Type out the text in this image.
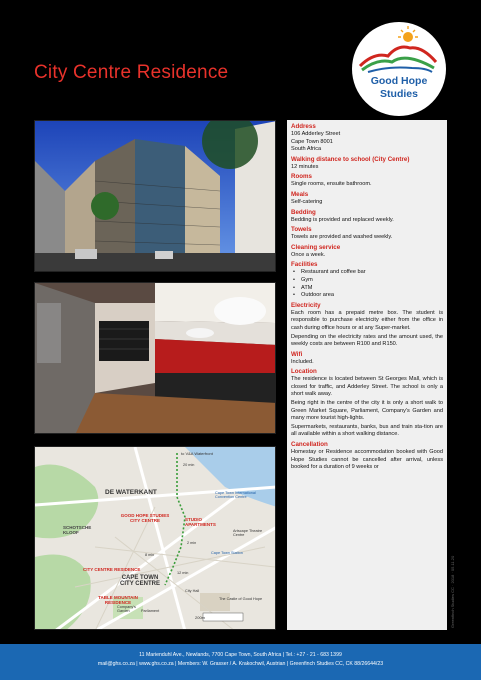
City Centre Residence	Good Hope
Studies
DE WATERKANT
SCHOTSCHE KLOOF
GOOD HOPE STUDIES CITY CENTRE	STUDIO APARTMENTS
CITY CENTRE RESIDENCE
CAPE TOWN CITY CENTRE
TABLE MOUNTAIN RESIDENCE
to V&A Waterfront
Cape Town International Convention Centre
Artscape Theatre Centre
Cape Town Station
City Hall
The Castle of Good Hope
Company's Garden	Parliament
200m
20 min
8 min
12 min
2 min
Address
106 Adderley Street
Cape Town 8001
South Africa
Walking distance to school (City Centre)
12 minutes
Rooms
Single rooms, ensuite bathroom.
Meals
Self-catering
Bedding
Bedding is provided and replaced weekly.
Towels
Towels are provided and washed weekly.
Cleaning service
Once a week.
Facilities
• Restaurant and coffee bar
• Gym
• ATM
• Outdoor area
Electricity
Each room has a prepaid metre box. The student is responsible to purchase electricity either from the office in cash during office hours or at any Super-market.
Depending on the electricity rates and the amount used, the weekly costs are between R100 and R150.
Wifi
Included.
Location
The residence is located between St Georges Mall, which is closed for traffic, and Adderley Street. The school is only a short walk away.
Being right in the centre of the city it is only a short walk to Green Market Square, Parliament, Company's Garden and many more tourist high-lights.
Supermarkets, restaurants, banks, bus and train sta-tion are all available within a short walking distance.
Cancellation
Homestay or Residence accommodation booked with Good Hope Studies cannot be cancelled after arrival, unless booked for a duration of 9 weeks or
Greenfinch Studies CC · 2018 · 05.11.20
11 Marienduhl Ave., Newlands, 7700 Cape Town, South Africa | Tel.: +27 - 21 - 683 1399
mail@ghs.co.za | www.ghs.co.za | Members: W. Grasser / A. Krakochwil, Austrian | Greenfinch Studies CC, CK 88/26644/23
